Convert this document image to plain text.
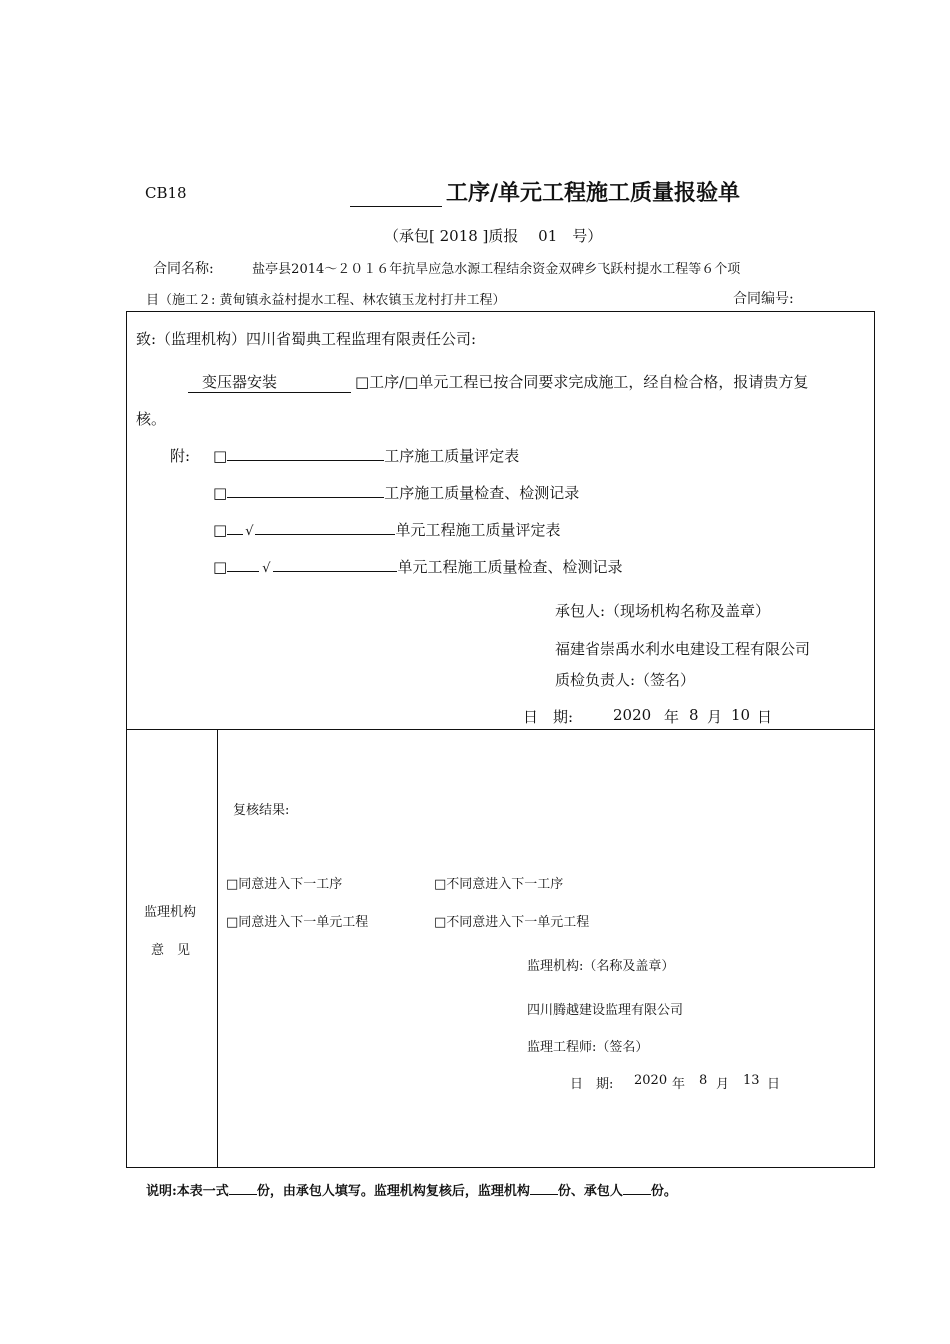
CB18	工序/单元工程施工质量报验单
（承包[ 2018 ]质报　 01　号）
合同名称:	盐亭县2014～２０１６年抗旱应急水源工程结余资金双碑乡飞跃村提水工程等６个项
目（施工２: 黄甸镇永益村提水工程、林农镇玉龙村打井工程）	合同编号:
致:（监理机构）四川省蜀典工程监理有限责任公司:
变压器安装	□工序/□单元工程已按合同要求完成施工，经自检合格，报请贵方复
核。
附: □	工序施工质量评定表
□	工序施工质量检查、检测记录
□ √	单元工程施工质量评定表
□	√	单元工程施工质量检查、检测记录
承包人:（现场机构名称及盖章）
福建省崇禹水利水电建设工程有限公司
质检负责人:（签名）
日　期:	2020 年 8 月 10 日
监理机构
意　见
复核结果:
□同意进入下一工序	□不同意进入下一工序
□同意进入下一单元工程	□不同意进入下一单元工程
监理机构:（名称及盖章）
四川腾越建设监理有限公司
监理工程师:（签名）
日　期: 2020 年 8 月 13 日
说明:本表一式 份，由承包人填写。监理机构复核后，监理机构 份、承包人 份。
